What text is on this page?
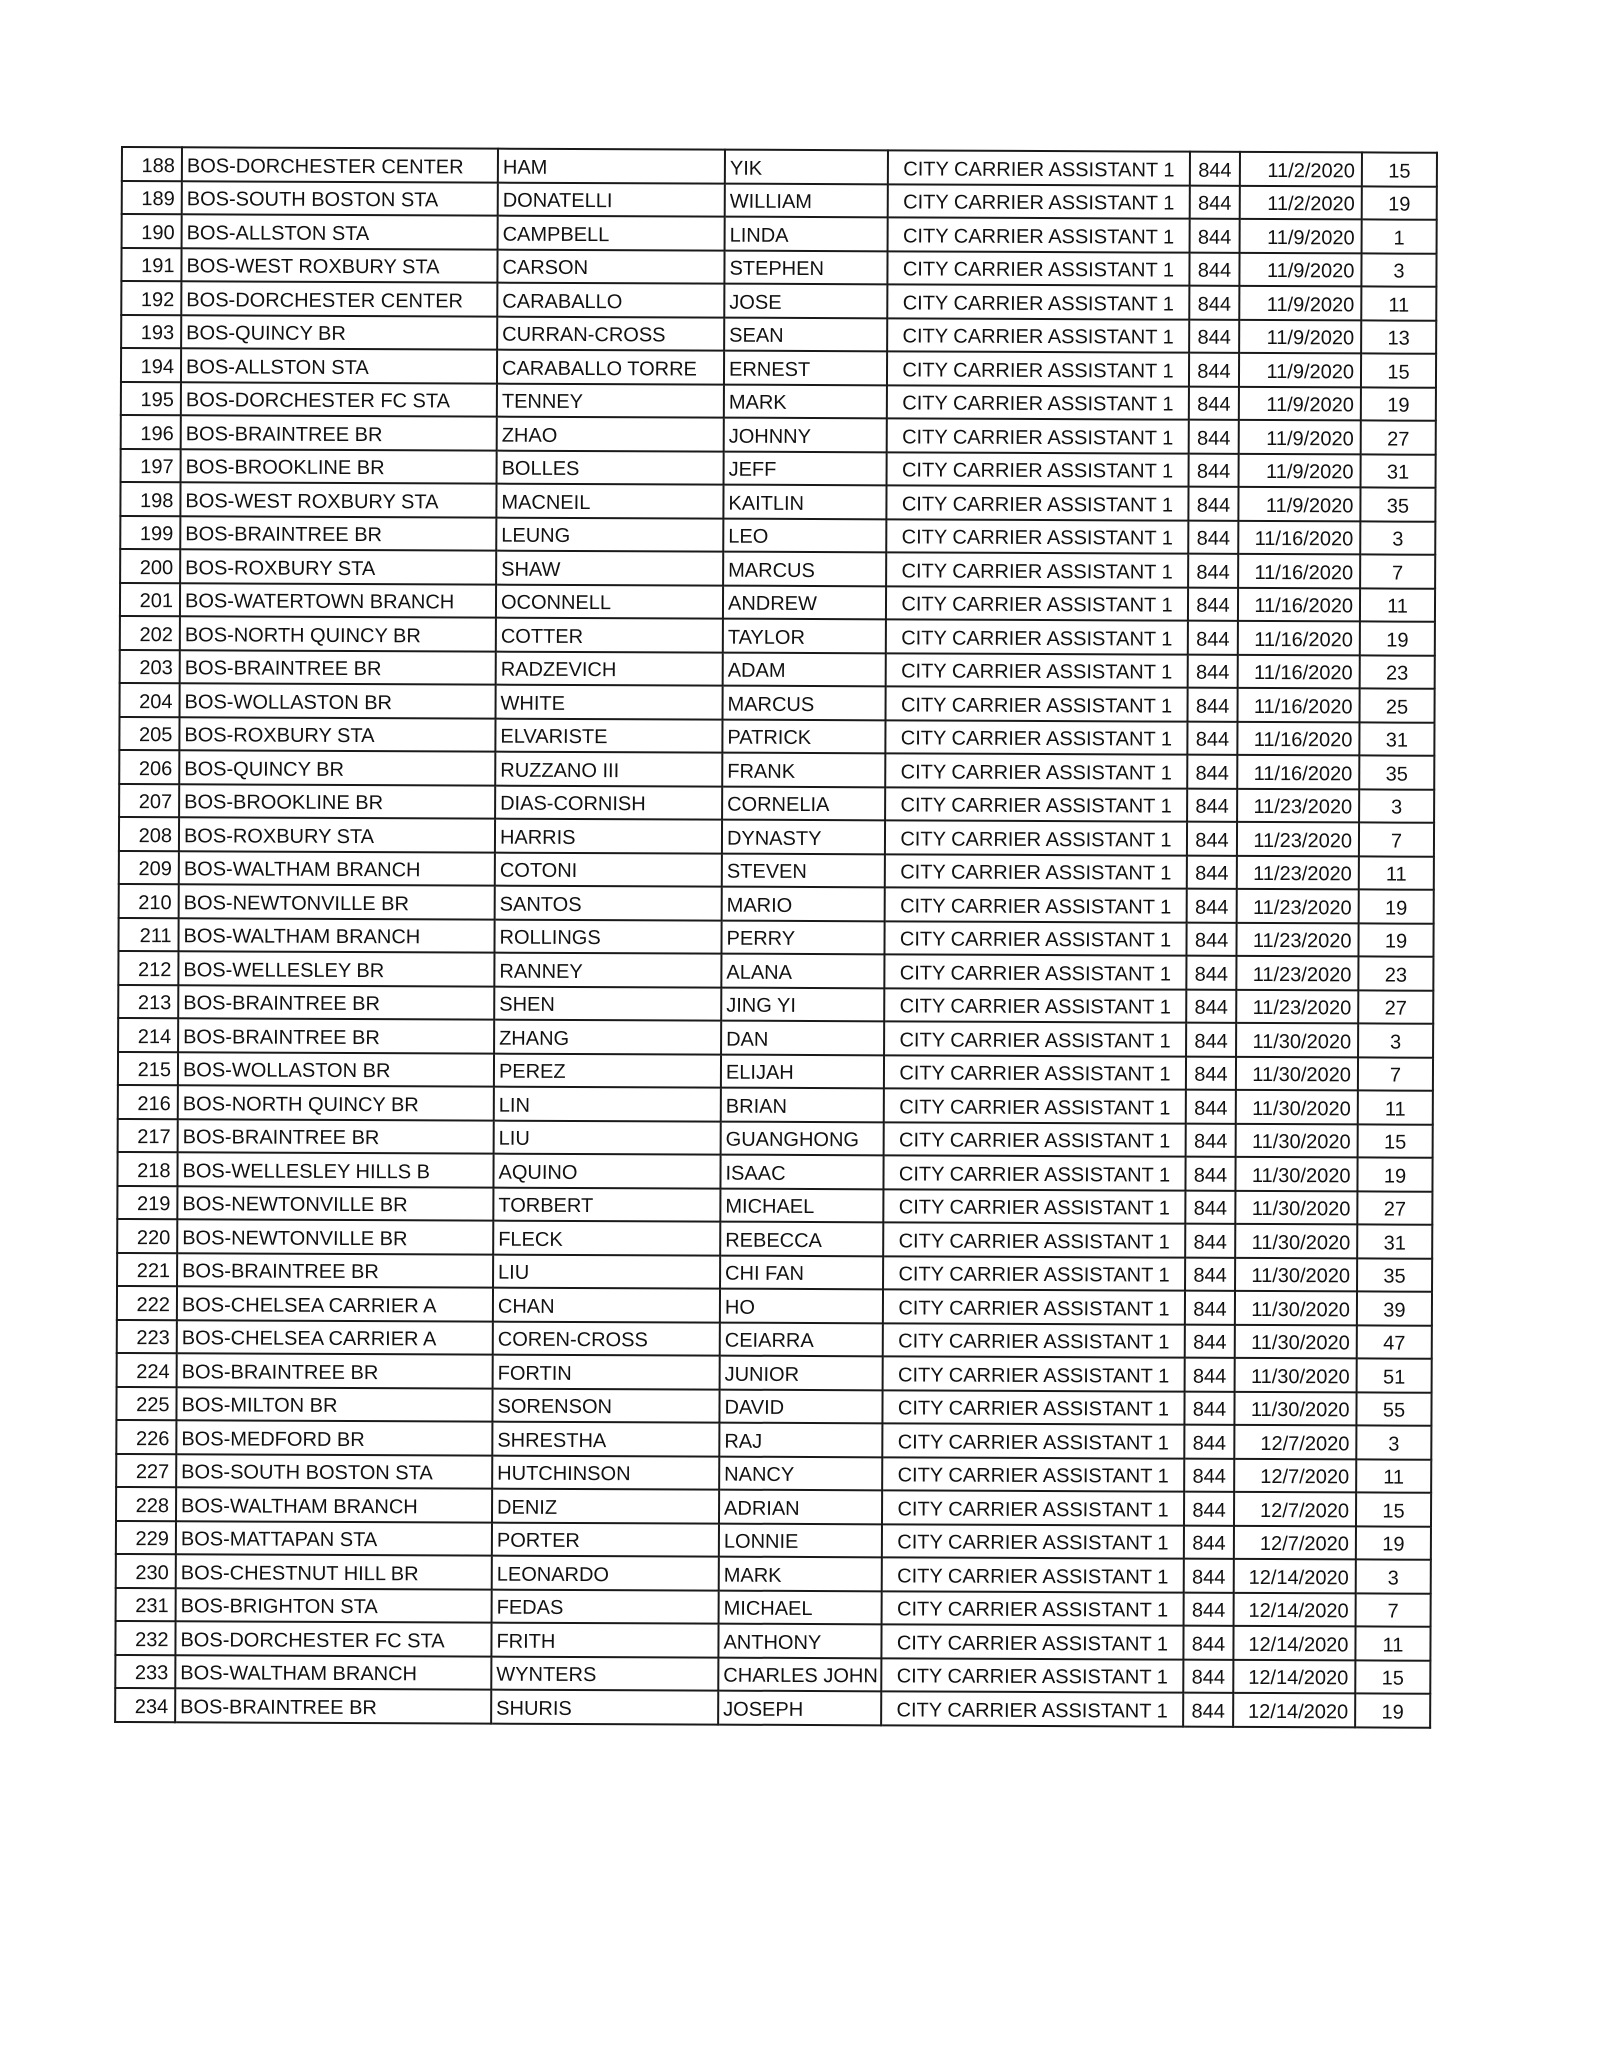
188	BOS-DORCHESTER CENTER	HAM	YIK	CITY CARRIER ASSISTANT 1	844	11/2/2020	15
189	BOS-SOUTH BOSTON STA	DONATELLI	WILLIAM	CITY CARRIER ASSISTANT 1	844	11/2/2020	19
190	BOS-ALLSTON STA	CAMPBELL	LINDA	CITY CARRIER ASSISTANT 1	844	11/9/2020	1
191	BOS-WEST ROXBURY STA	CARSON	STEPHEN	CITY CARRIER ASSISTANT 1	844	11/9/2020	3
192	BOS-DORCHESTER CENTER	CARABALLO	JOSE	CITY CARRIER ASSISTANT 1	844	11/9/2020	11
193	BOS-QUINCY BR	CURRAN-CROSS	SEAN	CITY CARRIER ASSISTANT 1	844	11/9/2020	13
194	BOS-ALLSTON STA	CARABALLO TORRE	ERNEST	CITY CARRIER ASSISTANT 1	844	11/9/2020	15
195	BOS-DORCHESTER FC STA	TENNEY	MARK	CITY CARRIER ASSISTANT 1	844	11/9/2020	19
196	BOS-BRAINTREE BR	ZHAO	JOHNNY	CITY CARRIER ASSISTANT 1	844	11/9/2020	27
197	BOS-BROOKLINE BR	BOLLES	JEFF	CITY CARRIER ASSISTANT 1	844	11/9/2020	31
198	BOS-WEST ROXBURY STA	MACNEIL	KAITLIN	CITY CARRIER ASSISTANT 1	844	11/9/2020	35
199	BOS-BRAINTREE BR	LEUNG	LEO	CITY CARRIER ASSISTANT 1	844	11/16/2020	3
200	BOS-ROXBURY STA	SHAW	MARCUS	CITY CARRIER ASSISTANT 1	844	11/16/2020	7
201	BOS-WATERTOWN BRANCH	OCONNELL	ANDREW	CITY CARRIER ASSISTANT 1	844	11/16/2020	11
202	BOS-NORTH QUINCY BR	COTTER	TAYLOR	CITY CARRIER ASSISTANT 1	844	11/16/2020	19
203	BOS-BRAINTREE BR	RADZEVICH	ADAM	CITY CARRIER ASSISTANT 1	844	11/16/2020	23
204	BOS-WOLLASTON BR	WHITE	MARCUS	CITY CARRIER ASSISTANT 1	844	11/16/2020	25
205	BOS-ROXBURY STA	ELVARISTE	PATRICK	CITY CARRIER ASSISTANT 1	844	11/16/2020	31
206	BOS-QUINCY BR	RUZZANO III	FRANK	CITY CARRIER ASSISTANT 1	844	11/16/2020	35
207	BOS-BROOKLINE BR	DIAS-CORNISH	CORNELIA	CITY CARRIER ASSISTANT 1	844	11/23/2020	3
208	BOS-ROXBURY STA	HARRIS	DYNASTY	CITY CARRIER ASSISTANT 1	844	11/23/2020	7
209	BOS-WALTHAM BRANCH	COTONI	STEVEN	CITY CARRIER ASSISTANT 1	844	11/23/2020	11
210	BOS-NEWTONVILLE BR	SANTOS	MARIO	CITY CARRIER ASSISTANT 1	844	11/23/2020	19
211	BOS-WALTHAM BRANCH	ROLLINGS	PERRY	CITY CARRIER ASSISTANT 1	844	11/23/2020	19
212	BOS-WELLESLEY BR	RANNEY	ALANA	CITY CARRIER ASSISTANT 1	844	11/23/2020	23
213	BOS-BRAINTREE BR	SHEN	JING YI	CITY CARRIER ASSISTANT 1	844	11/23/2020	27
214	BOS-BRAINTREE BR	ZHANG	DAN	CITY CARRIER ASSISTANT 1	844	11/30/2020	3
215	BOS-WOLLASTON BR	PEREZ	ELIJAH	CITY CARRIER ASSISTANT 1	844	11/30/2020	7
216	BOS-NORTH QUINCY BR	LIN	BRIAN	CITY CARRIER ASSISTANT 1	844	11/30/2020	11
217	BOS-BRAINTREE BR	LIU	GUANGHONG	CITY CARRIER ASSISTANT 1	844	11/30/2020	15
218	BOS-WELLESLEY HILLS B	AQUINO	ISAAC	CITY CARRIER ASSISTANT 1	844	11/30/2020	19
219	BOS-NEWTONVILLE BR	TORBERT	MICHAEL	CITY CARRIER ASSISTANT 1	844	11/30/2020	27
220	BOS-NEWTONVILLE BR	FLECK	REBECCA	CITY CARRIER ASSISTANT 1	844	11/30/2020	31
221	BOS-BRAINTREE BR	LIU	CHI FAN	CITY CARRIER ASSISTANT 1	844	11/30/2020	35
222	BOS-CHELSEA CARRIER A	CHAN	HO	CITY CARRIER ASSISTANT 1	844	11/30/2020	39
223	BOS-CHELSEA CARRIER A	COREN-CROSS	CEIARRA	CITY CARRIER ASSISTANT 1	844	11/30/2020	47
224	BOS-BRAINTREE BR	FORTIN	JUNIOR	CITY CARRIER ASSISTANT 1	844	11/30/2020	51
225	BOS-MILTON BR	SORENSON	DAVID	CITY CARRIER ASSISTANT 1	844	11/30/2020	55
226	BOS-MEDFORD BR	SHRESTHA	RAJ	CITY CARRIER ASSISTANT 1	844	12/7/2020	3
227	BOS-SOUTH BOSTON STA	HUTCHINSON	NANCY	CITY CARRIER ASSISTANT 1	844	12/7/2020	11
228	BOS-WALTHAM BRANCH	DENIZ	ADRIAN	CITY CARRIER ASSISTANT 1	844	12/7/2020	15
229	BOS-MATTAPAN STA	PORTER	LONNIE	CITY CARRIER ASSISTANT 1	844	12/7/2020	19
230	BOS-CHESTNUT HILL BR	LEONARDO	MARK	CITY CARRIER ASSISTANT 1	844	12/14/2020	3
231	BOS-BRIGHTON STA	FEDAS	MICHAEL	CITY CARRIER ASSISTANT 1	844	12/14/2020	7
232	BOS-DORCHESTER FC STA	FRITH	ANTHONY	CITY CARRIER ASSISTANT 1	844	12/14/2020	11
233	BOS-WALTHAM BRANCH	WYNTERS	CHARLES JOHN	CITY CARRIER ASSISTANT 1	844	12/14/2020	15
234	BOS-BRAINTREE BR	SHURIS	JOSEPH	CITY CARRIER ASSISTANT 1	844	12/14/2020	19
